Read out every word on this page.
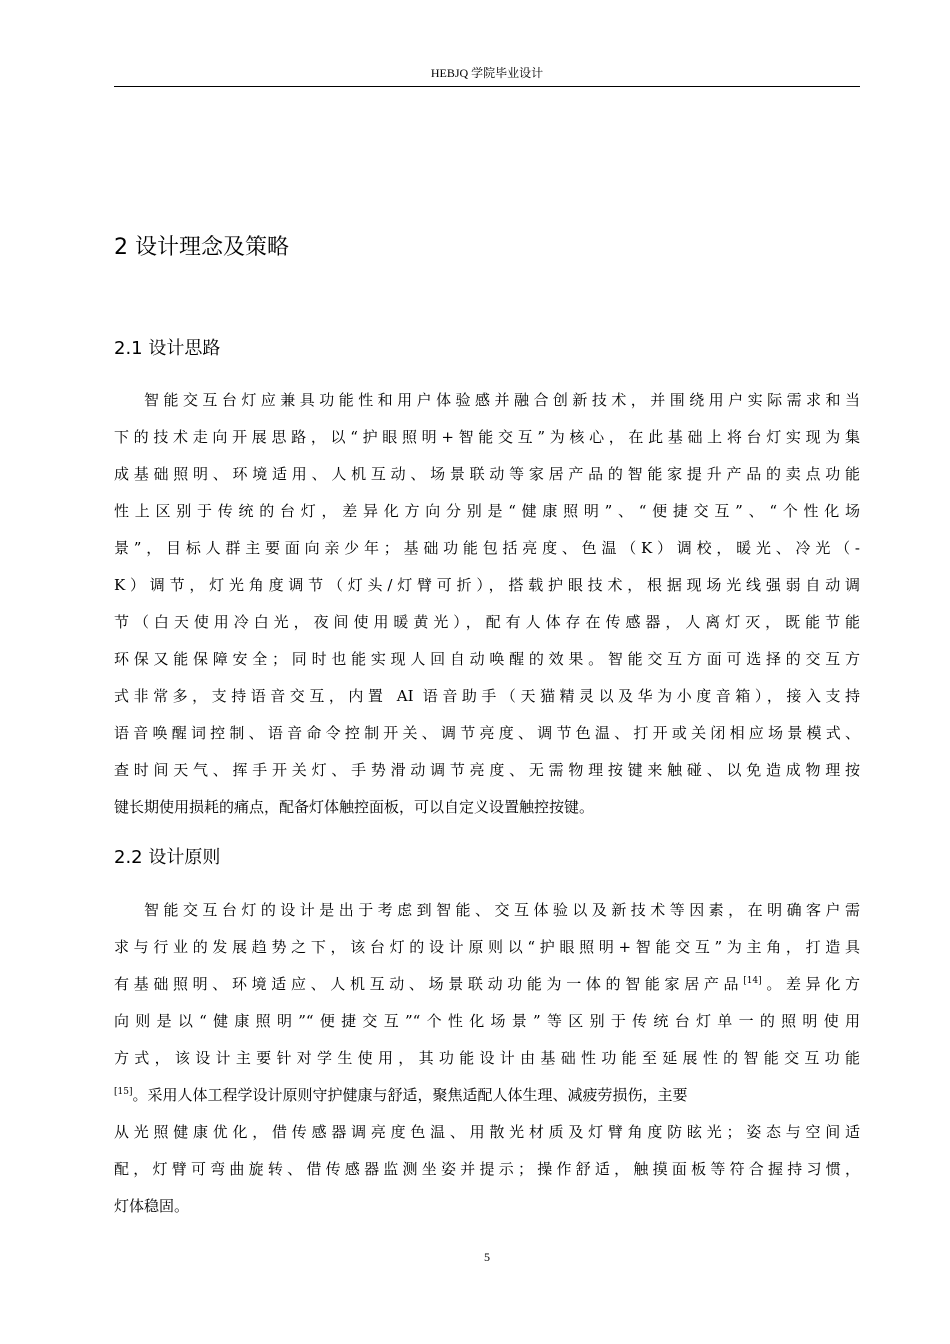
HEBJQ 学院毕业设计
2 设计理念及策略
2.1 设计思路
智能交互台灯应兼具功能性和用户体验感并融合创新技术，并围绕用户实际需求和当
下的技术走向开展思路，以“护眼照明+智能交互”为核心，在此基础上将台灯实现为集
成基础照明、环境适用、人机互动、场景联动等家居产品的智能家提升产品的卖点功能
性上区别于传统的台灯，差异化方向分别是“健康照明”、“便捷交互”、“个性化场
景”，目标人群主要面向亲少年；基础功能包括亮度、色温（K）调校，暖光、冷光（-
K）调节，灯光角度调节（灯头/灯臂可折），搭载护眼技术，根据现场光线强弱自动调
节（白天使用冷白光，夜间使用暖黄光），配有人体存在传感器，人离灯灭，既能节能
环保又能保障安全；同时也能实现人回自动唤醒的效果。智能交互方面可选择的交互方
式非常多，支持语音交互，内置 AI 语音助手（天猫精灵以及华为小度音箱），接入支持
语音唤醒词控制、语音命令控制开关、调节亮度、调节色温、打开或关闭相应场景模式、
查时间天气、挥手开关灯、手势滑动调节亮度、无需物理按键来触碰、以免造成物理按
键长期使用损耗的痛点，配备灯体触控面板，可以自定义设置触控按键。
2.2 设计原则
智能交互台灯的设计是出于考虑到智能、交互体验以及新技术等因素，在明确客户需
求与行业的发展趋势之下，该台灯的设计原则以“护眼照明+智能交互”为主角，打造具
有基础照明、环境适应、人机互动、场景联动功能为一体的智能家居产品[14]。差异化方
向则是以“健康照明”“便捷交互”“个性化场景”等区别于传统台灯单一的照明使用
方式，该设计主要针对学生使用，其功能设计由基础性功能至延展性的智能交互功能
[15]。采用人体工程学设计原则守护健康与舒适，聚焦适配人体生理、减疲劳损伤，主要
从光照健康优化，借传感器调亮度色温、用散光材质及灯臂角度防眩光；姿态与空间适
配，灯臂可弯曲旋转、借传感器监测坐姿并提示；操作舒适，触摸面板等符合握持习惯，
灯体稳固。
5
